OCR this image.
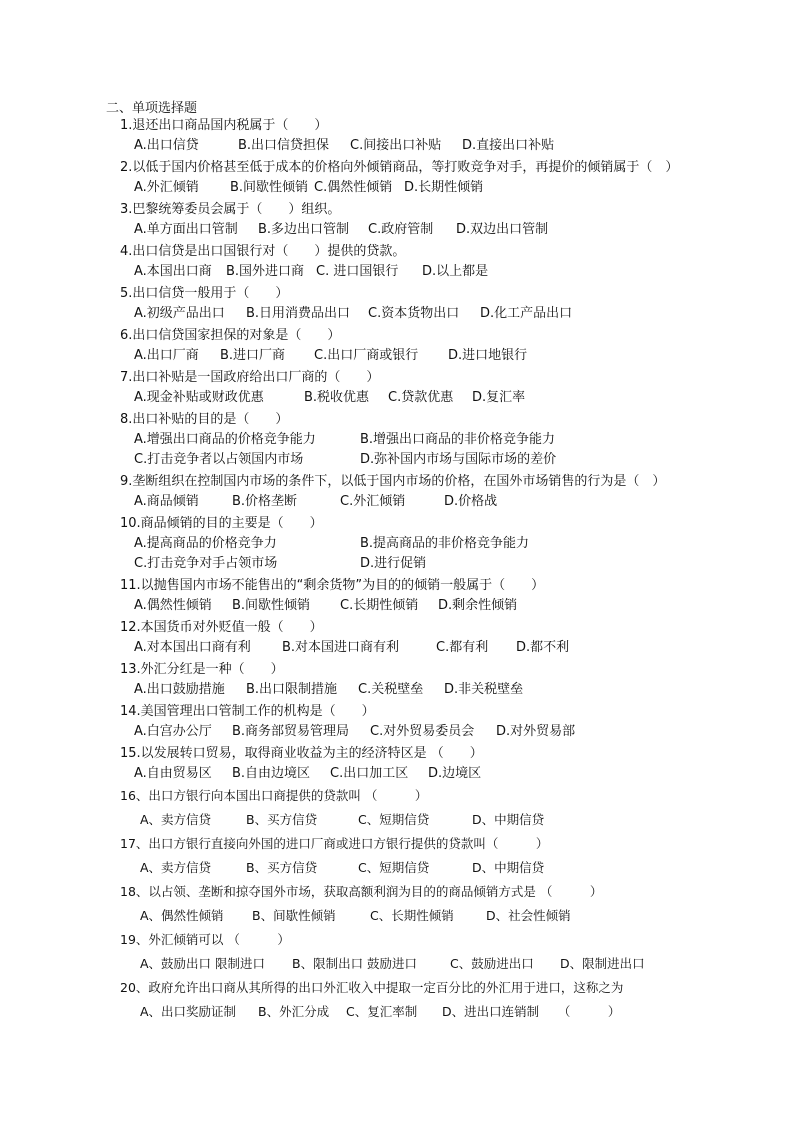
二、单项选择题
1.退还出口商品国内税属于（　　）
A.出口信贷	B.出口信贷担保 C.间接出口补贴 D.直接出口补贴
2.以低于国内价格甚至低于成本的价格向外倾销商品，等打败竞争对手，再提价的倾销属于（　）
A.外汇倾销 B.间歇性倾销 C.偶然性倾销 D.长期性倾销
3.巴黎统筹委员会属于（　　）组织。
A.单方面出口管制 B.多边出口管制 C.政府管制 D.双边出口管制
4.出口信贷是出口国银行对（　　）提供的贷款。
A.本国出口商 B.国外进口商 C. 进口国银行 D.以上都是
5.出口信贷一般用于（　　）
A.初级产品出口 B.日用消费品出口 C.资本货物出口 D.化工产品出口
6.出口信贷国家担保的对象是（　　）
A.出口厂商 B.进口厂商 C.出口厂商或银行 D.进口地银行
7.出口补贴是一国政府给出口厂商的（　　）
A.现金补贴或财政优惠	B.税收优惠 C.贷款优惠 D.复汇率
8.出口补贴的目的是（　　）
A.增强出口商品的价格竞争能力	B.增强出口商品的非价格竞争能力
C.打击竞争者以占领国内市场	D.弥补国内市场与国际市场的差价
9.垄断组织在控制国内市场的条件下，以低于国内市场的价格，在国外市场销售的行为是（　）
A.商品倾销	B.价格垄断	C.外汇倾销	D.价格战
10.商品倾销的目的主要是（　　）
A.提高商品的价格竞争力	B.提高商品的非价格竞争能力
C.打击竞争对手占领市场	D.进行促销
11.以抛售国内市场不能售出的“剩余货物”为目的的倾销一般属于（　　）
A.偶然性倾销 B.间歇性倾销 C.长期性倾销 D.剩余性倾销
12.本国货币对外贬值一般（　　）
A.对本国出口商有利 B.对本国进口商有利	C.都有利 D.都不利
13.外汇分红是一种（　　）
A.出口鼓励措施 B.出口限制措施 C.关税壁垒 D.非关税壁垒
14.美国管理出口管制工作的机构是（　　）
A.白宫办公厅 B.商务部贸易管理局 C.对外贸易委员会 D.对外贸易部
15.以发展转口贸易，取得商业收益为主的经济特区是 （　　）
A.自由贸易区 B.自由边境区 C.出口加工区 D.边境区
16、出口方银行向本国出口商提供的贷款叫 （　　　）
A、卖方信贷	B、买方信贷	C、短期信贷	D、中期信贷
17、出口方银行直接向外国的进口厂商或进口方银行提供的贷款叫（　　　）
A、卖方信贷	B、买方信贷	C、短期信贷	D、中期信贷
18、以占领、垄断和掠夺国外市场，获取高额利润为目的的商品倾销方式是 （　　　）
A、偶然性倾销 B、间歇性倾销	C、长期性倾销	D、社会性倾销
19、外汇倾销可以 （　　　）
A、鼓励出口 限制进口 B、限制出口 鼓励进口	C、鼓励进出口 D、限制进出口
20、政府允许出口商从其所得的出口外汇收入中提取一定百分比的外汇用于进口，这称之为
A、出口奖励证制 B、外汇分成 C、复汇率制 D、进出口连销制　　（　　　）
